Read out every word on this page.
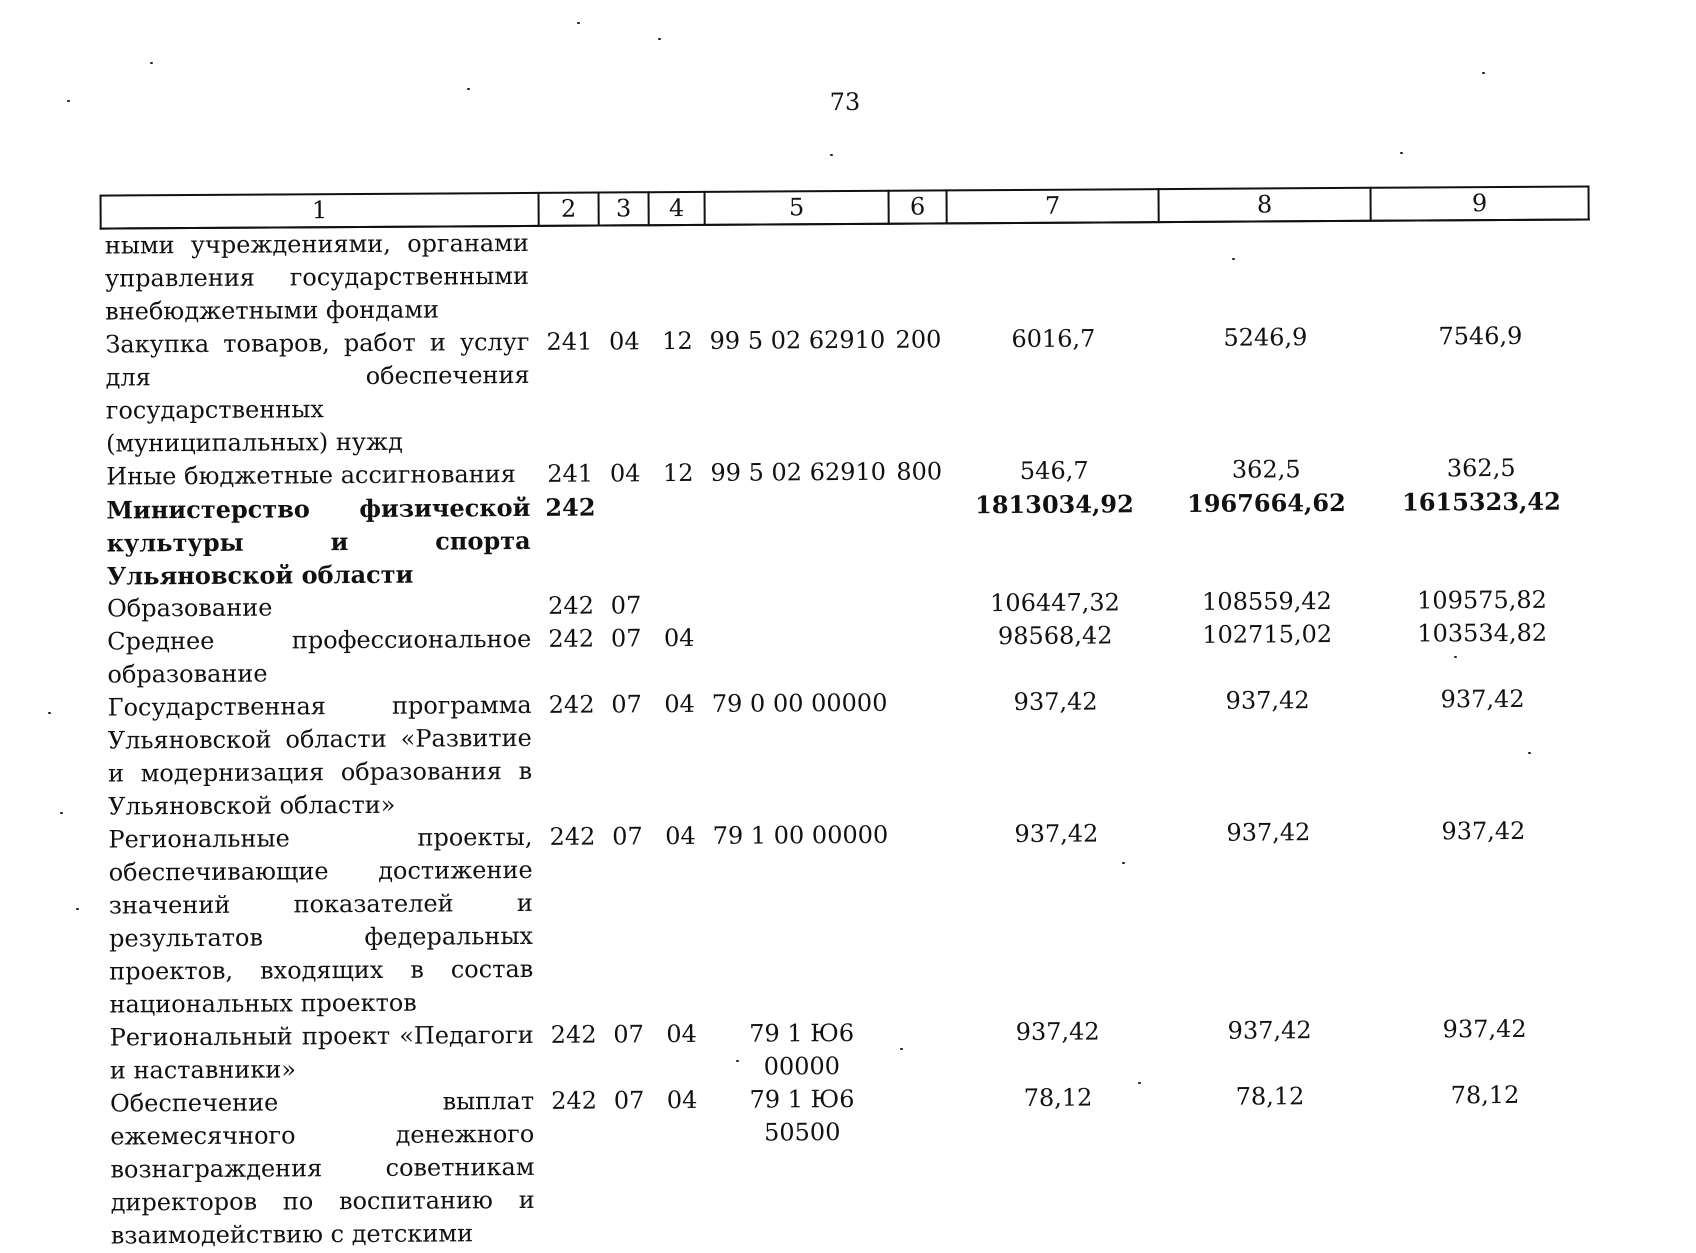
73
1	2	3	4	5	6	7	8	9
ными учреждениями, органами управления государственными внебюджетными фондами								
Закупка товаров, работ и услуг для обеспечения государственных (муниципальных) нужд	241	04	12	99 5 02 62910	200	6016,7	5246,9	7546,9
Иные бюджетные ассигнования	241	04	12	99 5 02 62910	800	546,7	362,5	362,5
Министерство физической культуры и спорта Ульяновской области	242					1813034,92	1967664,62	1615323,42
Образование	242	07				106447,32	108559,42	109575,82
Среднее профессиональное образование	242	07	04			98568,42	102715,02	103534,82
Государственная программа Ульяновской области «Развитие и модернизация образования в Ульяновской области»	242	07	04	79 0 00 00000		937,42	937,42	937,42
Региональные проекты, обеспечивающие достижение значений показателей и результатов федеральных проектов, входящих в состав национальных проектов	242	07	04	79 1 00 00000		937,42	937,42	937,42
Региональный проект «Педагоги и наставники»	242	07	04	79 1 Ю6 00000		937,42	937,42	937,42
Обеспечение выплат ежемесячного денежного вознаграждения советникам директоров по воспитанию и взаимодействию с детскими	242	07	04	79 1 Ю6 50500		78,12	78,12	78,12
